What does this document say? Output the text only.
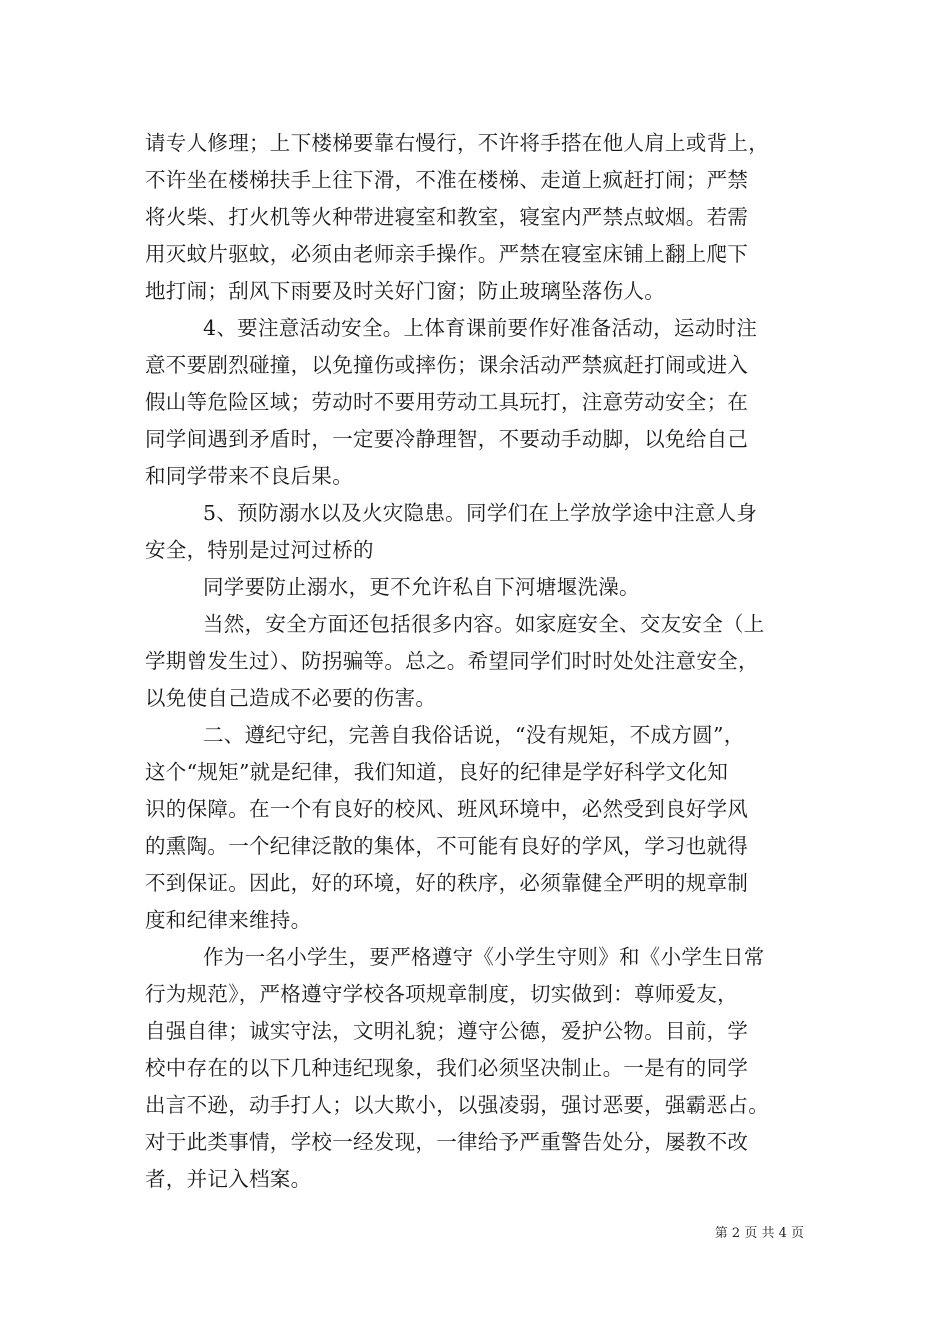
请专人修理；上下楼梯要靠右慢行，不许将手搭在他人肩上或背上，
不许坐在楼梯扶手上往下滑，不准在楼梯、走道上疯赶打闹；严禁
将火柴、打火机等火种带进寝室和教室，寝室内严禁点蚊烟。若需
用灭蚊片驱蚊，必须由老师亲手操作。严禁在寝室床铺上翻上爬下
地打闹；刮风下雨要及时关好门窗；防止玻璃坠落伤人。
4、要注意活动安全。上体育课前要作好准备活动，运动时注
意不要剧烈碰撞，以免撞伤或摔伤；课余活动严禁疯赶打闹或进入
假山等危险区域；劳动时不要用劳动工具玩打，注意劳动安全；在
同学间遇到矛盾时，一定要冷静理智，不要动手动脚，以免给自己
和同学带来不良后果。
5、预防溺水以及火灾隐患。同学们在上学放学途中注意人身
安全，特别是过河过桥的
同学要防止溺水，更不允许私自下河塘堰洗澡。
当然，安全方面还包括很多内容。如家庭安全、交友安全（上
学期曾发生过）、防拐骗等。总之。希望同学们时时处处注意安全，
以免使自己造成不必要的伤害。
二、遵纪守纪，完善自我俗话说，“没有规矩，不成方圆”，
这个“规矩”就是纪律，我们知道，良好的纪律是学好科学文化知
识的保障。在一个有良好的校风、班风环境中，必然受到良好学风
的熏陶。一个纪律泛散的集体，不可能有良好的学风，学习也就得
不到保证。因此，好的环境，好的秩序，必须靠健全严明的规章制
度和纪律来维持。
作为一名小学生，要严格遵守《小学生守则》和《小学生日常
行为规范》，严格遵守学校各项规章制度，切实做到：尊师爱友，
自强自律；诚实守法，文明礼貌；遵守公德，爱护公物。目前，学
校中存在的以下几种违纪现象，我们必须坚决制止。一是有的同学
出言不逊，动手打人；以大欺小，以强凌弱，强讨恶要，强霸恶占。
对于此类事情，学校一经发现，一律给予严重警告处分，屡教不改
者，并记入档案。
第 2 页 共 4 页
